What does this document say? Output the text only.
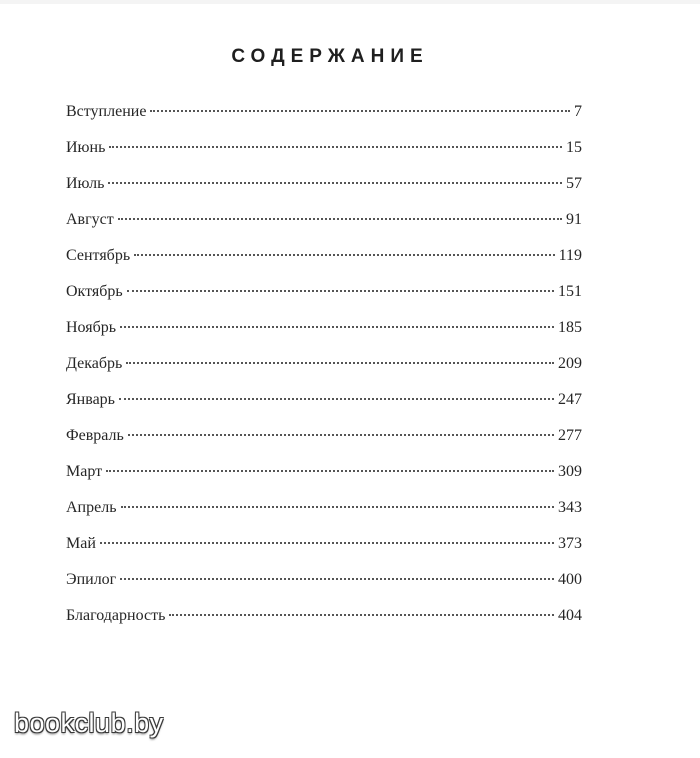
СОДЕРЖАНИЕ
Вступление	7
Июнь	15
Июль	57
Август	91
Сентябрь	119
Октябрь	151
Ноябрь	185
Декабрь	209
Январь	247
Февраль	277
Март	309
Апрель	343
Май	373
Эпилог	400
Благодарность	404
bookclub.by
